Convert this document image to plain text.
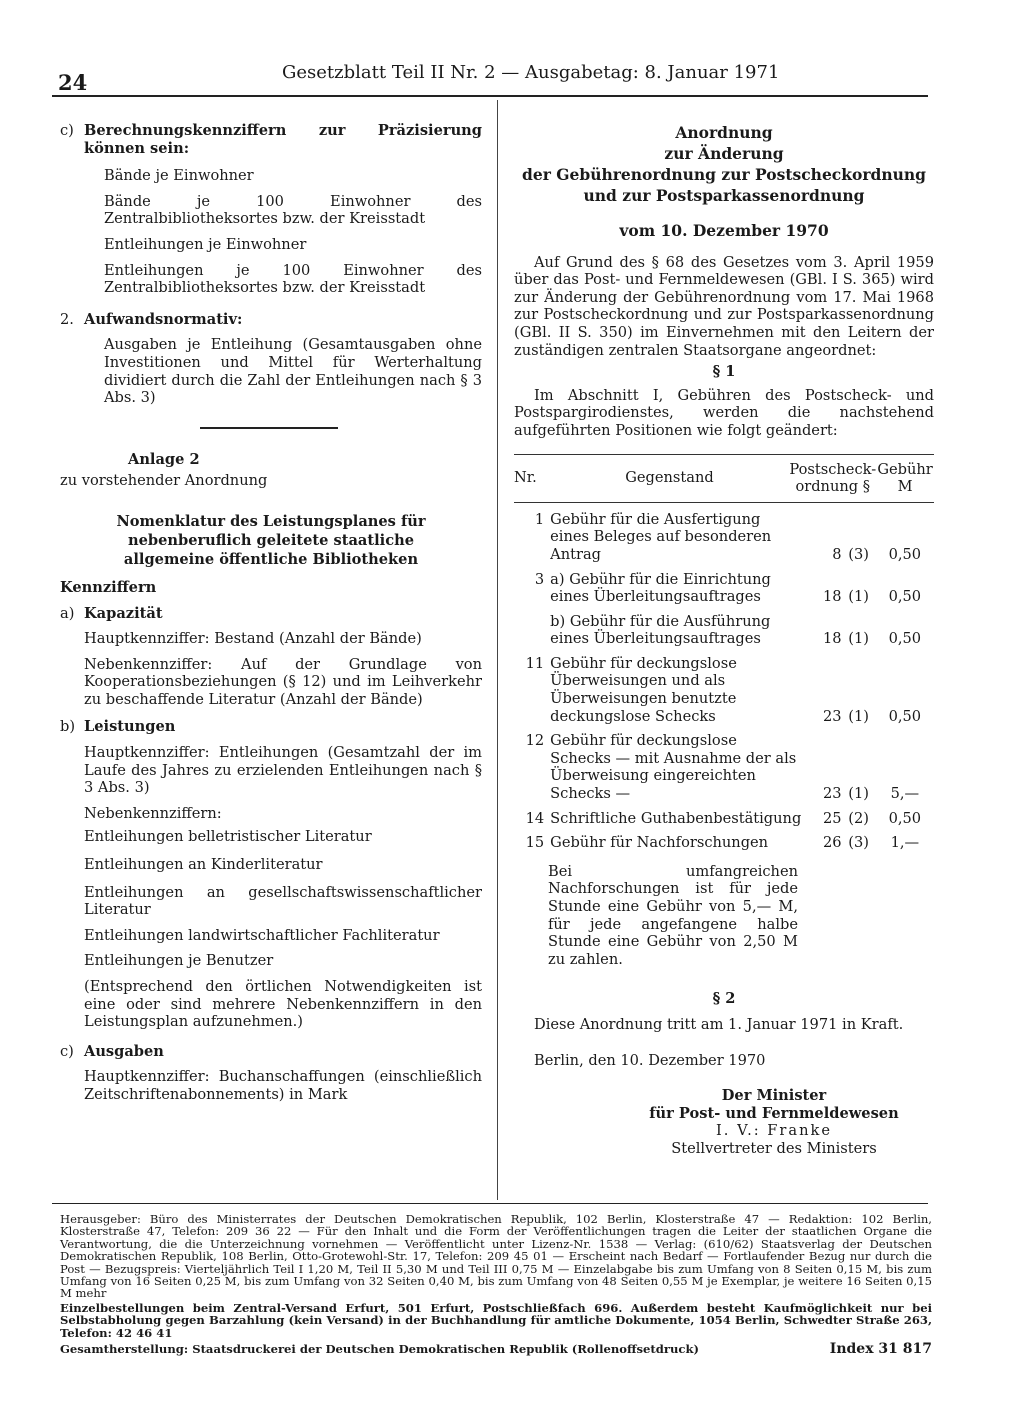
24	Gesetzblatt Teil II Nr. 2 — Ausgabetag: 8. Januar 1971
c) Berechnungskennziffern zur Präzisierung können sein:

Bände je Einwohner

Bände je 100 Einwohner des Zentralbibliotheksortes bzw. der Kreisstadt

Entleihungen je Einwohner

Entleihungen je 100 Einwohner des Zentralbibliotheksortes bzw. der Kreisstadt

2. Aufwandsnormativ:

Ausgaben je Entleihung (Gesamtausgaben ohne Investitionen und Mittel für Werterhaltung dividiert durch die Zahl der Entleihungen nach § 3 Abs. 3)

Anlage 2

zu vorstehender Anordnung

Nomenklatur des Leistungsplanes für nebenberuflich geleitete staatliche allgemeine öffentliche Bibliotheken

Kennziffern

a) Kapazität

Hauptkennziffer: Bestand (Anzahl der Bände)

Nebenkennziffer: Auf der Grundlage von Kooperationsbeziehungen (§ 12) und im Leihverkehr zu beschaffende Literatur (Anzahl der Bände)

b) Leistungen

Hauptkennziffer: Entleihungen (Gesamtzahl der im Laufe des Jahres zu erzielenden Entleihungen nach § 3 Abs. 3)

Nebenkennziffern:

Entleihungen belletristischer Literatur

Entleihungen an Kinderliteratur

Entleihungen an gesellschaftswissenschaftlicher Literatur

Entleihungen landwirtschaftlicher Fachliteratur

Entleihungen je Benutzer

(Entsprechend den örtlichen Notwendigkeiten ist eine oder sind mehrere Nebenkennziffern in den Leistungsplan aufzunehmen.)

c) Ausgaben

Hauptkennziffer: Buchanschaffungen (einschließlich Zeitschriftenabonnements) in Mark

Anordnung
zur Änderung
der Gebührenordnung zur Postscheckordnung
und zur Postsparkassenordnung

vom 10. Dezember 1970

Auf Grund des § 68 des Gesetzes vom 3. April 1959 über das Post- und Fernmeldewesen (GBl. I S. 365) wird zur Änderung der Gebührenordnung vom 17. Mai 1968 zur Postscheckordnung und zur Postsparkassenordnung (GBl. II S. 350) im Einvernehmen mit den Leitern der zuständigen zentralen Staatsorgane angeordnet:

§ 1

Im Abschnitt I, Gebühren des Postscheck- und Postspargirodienstes, werden die nachstehend aufgeführten Positionen wie folgt geändert:

Nr.	Gegenstand	Postscheck- ordnung §	Gebühr M
1	Gebühr für die Ausfertigung eines Beleges auf besonderen Antrag	8	(3)	0,50
3	a) Gebühr für die Einrichtung eines Überleitungsauftrages	18	(1)	0,50
	b) Gebühr für die Ausführung eines Überleitungsauftrages	18	(1)	0,50
11	Gebühr für deckungslose Überweisungen und als Überweisungen benutzte deckungslose Schecks	23	(1)	0,50
12	Gebühr für deckungslose Schecks — mit Ausnahme der als Überweisung eingereichten Schecks —	23	(1)	5,—
14	Schriftliche Guthabenbestätigung	25	(2)	0,50
15	Gebühr für Nachforschungen	26	(3)	1,—

Bei umfangreichen Nachforschungen ist für jede Stunde eine Gebühr von 5,— M, für jede angefangene halbe Stunde eine Gebühr von 2,50 M zu zahlen.

§ 2

Diese Anordnung tritt am 1. Januar 1971 in Kraft.

Berlin, den 10. Dezember 1970

Der Minister
für Post- und Fernmeldewesen
I. V.: Franke
Stellvertreter des Ministers

Herausgeber: Büro des Ministerrates der Deutschen Demokratischen Republik, 102 Berlin, Klosterstraße 47 — Redaktion: 102 Berlin, Klosterstraße 47, Telefon: 209 36 22 — Für den Inhalt und die Form der Veröffentlichungen tragen die Leiter der staatlichen Organe die Verantwortung, die die Unterzeichnung vornehmen — Veröffentlicht unter Lizenz-Nr. 1538 — Verlag: (610/62) Staatsverlag der Deutschen Demokratischen Republik, 108 Berlin, Otto-Grotewohl-Str. 17, Telefon: 209 45 01 — Erscheint nach Bedarf — Fortlaufender Bezug nur durch die Post — Bezugspreis: Vierteljährlich Teil I 1,20 M, Teil II 5,30 M und Teil III 0,75 M — Einzelabgabe bis zum Umfang von 8 Seiten 0,15 M, bis zum Umfang von 16 Seiten 0,25 M, bis zum Umfang von 32 Seiten 0,40 M, bis zum Umfang von 48 Seiten 0,55 M je Exemplar, je weitere 16 Seiten 0,15 M mehr

Einzelbestellungen beim Zentral-Versand Erfurt, 501 Erfurt, Postschließfach 696. Außerdem besteht Kaufmöglichkeit nur bei Selbstabholung gegen Barzahlung (kein Versand) in der Buchhandlung für amtliche Dokumente, 1054 Berlin, Schwedter Straße 263, Telefon: 42 46 41

Gesamtherstellung: Staatsdruckerei der Deutschen Demokratischen Republik (Rollenoffsetdruck)	Index 31 817
